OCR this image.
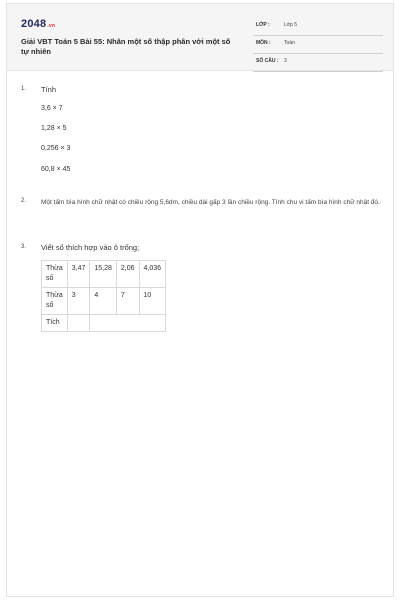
2048.vn
Giải VBT Toán 5 Bài 55: Nhân một số thập phân với một số tự nhiên
LỚP :	Lớp 5
MÔN :	Toán
SỐ CÂU : 3
1. Tính
3,6 × 7
1,28 × 5
0,256 × 3
60,8 × 45
2. Một tấm bìa hình chữ nhật có chiều rộng 5,6dm, chiều dài gấp 3 lần chiều rộng. Tính chu vi tấm bìa hình chữ nhật đó.
3. Viết số thích hợp vào ô trống;
Thừa số	3,47	15,28	2,06	4,036
Thừa số	3	4	7	10
Tích				
